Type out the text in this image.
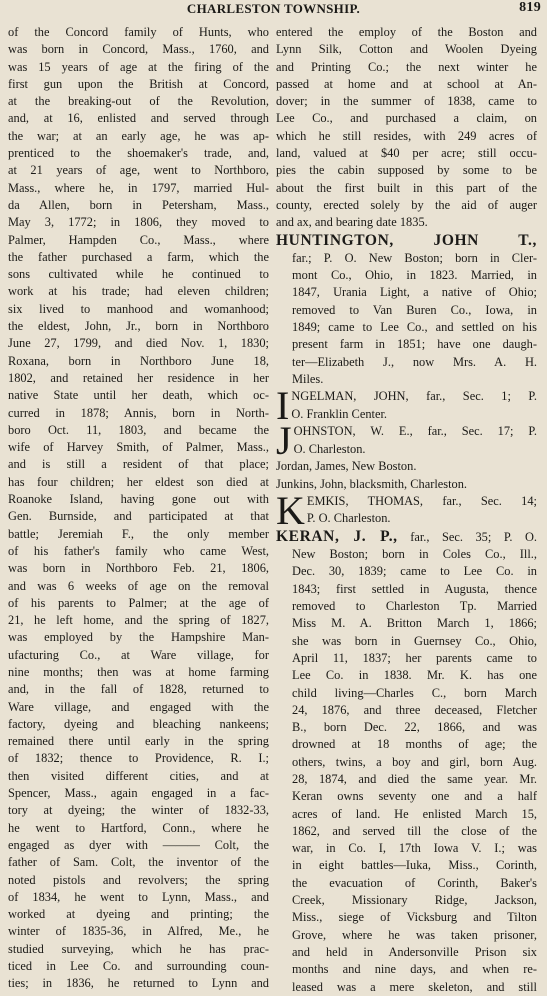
CHARLESTON TOWNSHIP.	819
of the Concord family of Hunts, who
was born in Concord, Mass., 1760, and
was 15 years of age at the firing of the
first gun upon the British at Concord,
at the breaking-out of the Revolution,
and, at 16, enlisted and served through
the war; at an early age, he was ap-
prenticed to the shoemaker's trade, and,
at 21 years of age, went to Northboro,
Mass., where he, in 1797, married Hul-
da Allen, born in Petersham, Mass.,
May 3, 1772; in 1806, they moved to
Palmer, Hampden Co., Mass., where
the father purchased a farm, which the
sons cultivated while he continued to
work at his trade; had eleven children;
six lived to manhood and womanhood;
the eldest, John, Jr., born in Northboro
June 27, 1799, and died Nov. 1, 1830;
Roxana, born in Northboro June 18,
1802, and retained her residence in her
native State until her death, which oc-
curred in 1878; Annis, born in North-
boro Oct. 11, 1803, and became the
wife of Harvey Smith, of Palmer, Mass.,
and is still a resident of that place;
has four children; her eldest son died at
Roanoke Island, having gone out with
Gen. Burnside, and participated at that
battle; Jeremiah F., the only member
of his father's family who came West,
was born in Northboro Feb. 21, 1806,
and was 6 weeks of age on the removal
of his parents to Palmer; at the age of
21, he left home, and the spring of 1827,
was employed by the Hampshire Man-
ufacturing Co., at Ware village, for
nine months; then was at home farming
and, in the fall of 1828, returned to
Ware village, and engaged with the
factory, dyeing and bleaching nankeens;
remained there until early in the spring
of 1832; thence to Providence, R. I.;
then visited different cities, and at
Spencer, Mass., again engaged in a fac-
tory at dyeing; the winter of 1832-33,
he went to Hartford, Conn., where he
engaged as dyer with ——— Colt, the
father of Sam. Colt, the inventor of the
noted pistols and revolvers; the spring
of 1834, he went to Lynn, Mass., and
worked at dyeing and printing; the
winter of 1835-36, in Alfred, Me., he
studied surveying, which he has prac-
ticed in Lee Co. and surrounding coun-
ties; in 1836, he returned to Lynn and
entered the employ of the Boston and
Lynn Silk, Cotton and Woolen Dyeing
and Printing Co.; the next winter he
passed at home and at school at An-
dover; in the summer of 1838, came to
Lee Co., and purchased a claim, on
which he still resides, with 249 acres of
land, valued at $40 per acre; still occu-
pies the cabin supposed by some to be
about the first built in this part of the
county, erected solely by the aid of auger
and ax, and bearing date 1835.
HUNTINGTON, JOHN T.,
far.; P. O. New Boston; born in Cler-
mont Co., Ohio, in 1823. Married, in
1847, Urania Light, a native of Ohio;
removed to Van Buren Co., Iowa, in
1849; came to Lee Co., and settled on his
present farm in 1851; have one daugh-
ter—Elizabeth J., now Mrs. A. H.
Miles.
I NGELMAN, JOHN, far., Sec. 1; P.
O. Franklin Center.
J OHNSTON, W. E., far., Sec. 17; P.
O. Charleston.
Jordan, James, New Boston.
Junkins, John, blacksmith, Charleston.
K EMKIS, THOMAS, far., Sec. 14;
P. O. Charleston.
KERAN, J. P., far., Sec. 35; P. O.
New Boston; born in Coles Co., Ill.,
Dec. 30, 1839; came to Lee Co. in
1843; first settled in Augusta, thence
removed to Charleston Tp. Married
Miss M. A. Britton March 1, 1866;
she was born in Guernsey Co., Ohio,
April 11, 1837; her parents came to
Lee Co. in 1838. Mr. K. has one
child living—Charles C., born March
24, 1876, and three deceased, Fletcher
B., born Dec. 22, 1866, and was
drowned at 18 months of age; the
others, twins, a boy and girl, born Aug.
28, 1874, and died the same year. Mr.
Keran owns seventy one and a half
acres of land. He enlisted March 15,
1862, and served till the close of the
war, in Co. I, 17th Iowa V. I.; was
in eight battles—Iuka, Miss., Corinth,
the evacuation of Corinth, Baker's
Creek, Missionary Ridge, Jackson,
Miss., siege of Vicksburg and Tilton
Grove, where he was taken prisoner,
and held in Andersonville Prison six
months and nine days, and when re-
leased was a mere skeleton, and still
